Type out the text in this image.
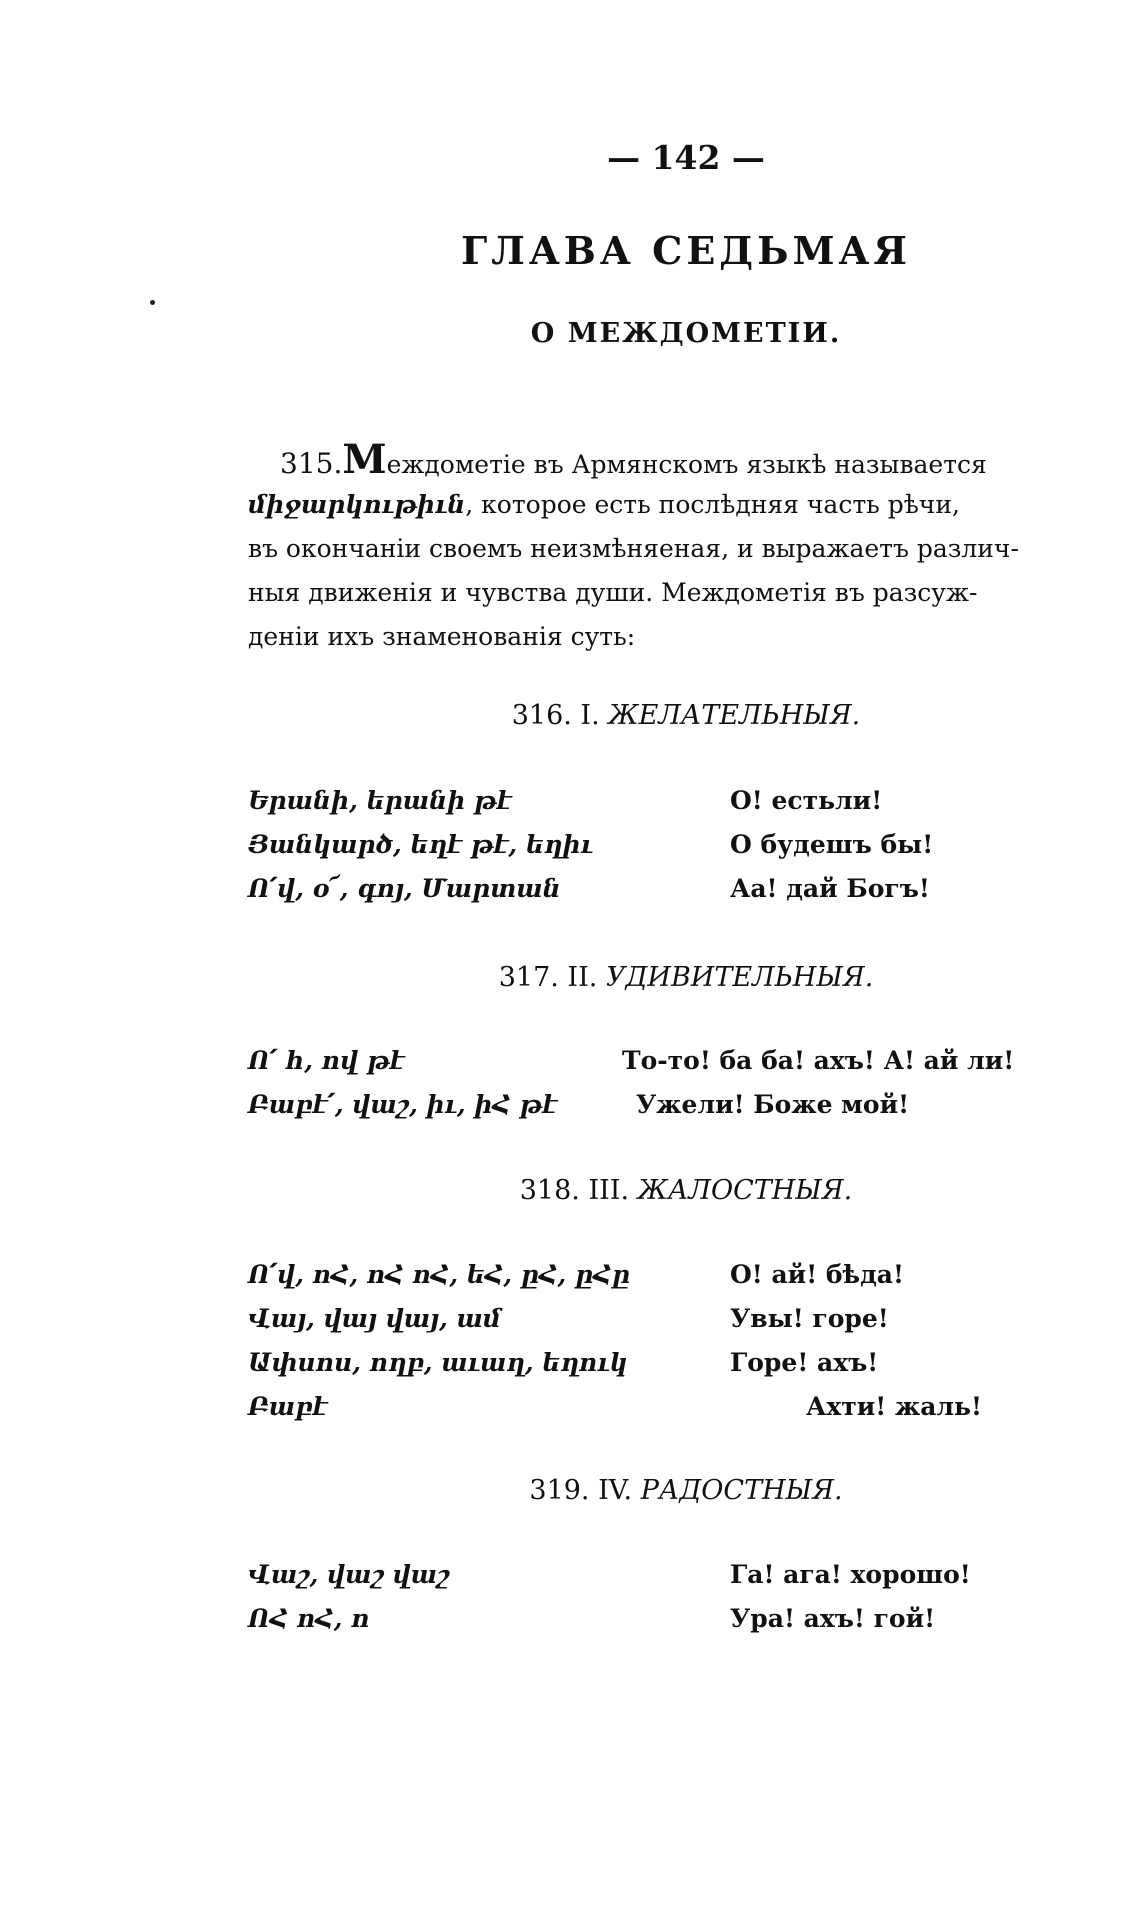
— 142 —
ГЛАВА СЕДЬМАЯ
О МЕЖДОМЕТІИ.
315.Междометіе въ Армянскомъ языкѣ называется
միջարկութիւն, которое есть послѣдняя часть рѣчи,
въ окончаніи своемъ неизмѣняеная, и выражаетъ различ-
ныя движенія и чувства души. Междометія въ разсуж-
деніи ихъ знаменованія суть:
316. I. ЖЕЛАТЕЛЬНЫЯ.
Երանի, երանի թէ	О! естьли!
Յանկարծ, եղէ թէ, եղիւ	О будешъ бы!
Ո՛վ, օ՜, գոյ, Մարտան	Аа! дай Богъ!
317. II. УДИВИТЕЛЬНЫЯ.
Ո՛ հ, ով թէ	То-то! ба ба! ахъ! А! ай ли!
Բաբէ՛, վաշ, իւ, իՀ թէ	Ужели! Боже мой!
318. III. ЖАЛОСТНЫЯ.
Ո՛վ, ոՀ, ոՀ ոՀ, եՀ, ըՀ, ըՀը	О! ай! бѣда!
Վայ, վայ վայ, ամ	Увы! горе!
Ափսոս, ողբ, աւաղ, եղուկ	Горе! ахъ!
Բաբէ	Ахти! жаль!
319. IV. РАДОСТНЫЯ.
Վաշ, վաշ վաշ	Га! ага! хорошо!
ՈՀ ոՀ, ո	Ура! ахъ! гой!
